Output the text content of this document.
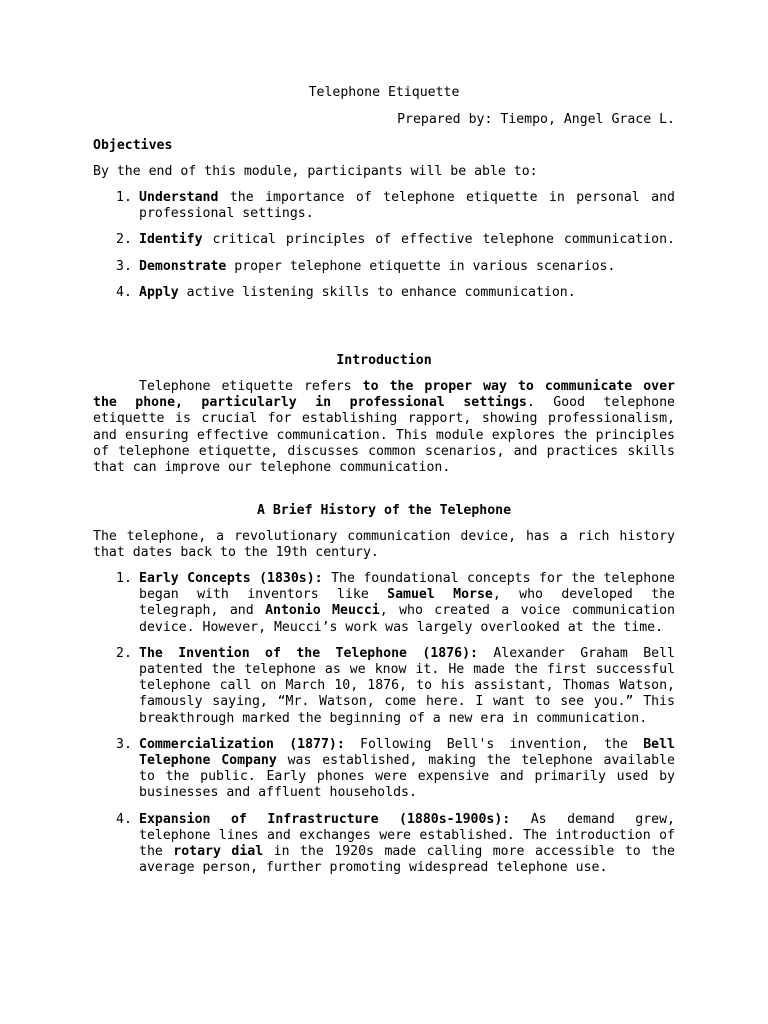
Telephone Etiquette

Prepared by: Tiempo, Angel Grace L.

Objectives

By the end of this module, participants will be able to:

1. Understand the importance of telephone etiquette in personal and professional settings.
2. Identify critical principles of effective telephone communication.
3. Demonstrate proper telephone etiquette in various scenarios.
4. Apply active listening skills to enhance communication.

Introduction

Telephone etiquette refers to the proper way to communicate over the phone, particularly in professional settings. Good telephone etiquette is crucial for establishing rapport, showing professionalism, and ensuring effective communication. This module explores the principles of telephone etiquette, discusses common scenarios, and practices skills that can improve our telephone communication.

A Brief History of the Telephone

The telephone, a revolutionary communication device, has a rich history that dates back to the 19th century.

1. Early Concepts (1830s): The foundational concepts for the telephone began with inventors like Samuel Morse, who developed the telegraph, and Antonio Meucci, who created a voice communication device. However, Meucci’s work was largely overlooked at the time.
2. The Invention of the Telephone (1876): Alexander Graham Bell patented the telephone as we know it. He made the first successful telephone call on March 10, 1876, to his assistant, Thomas Watson, famously saying, “Mr. Watson, come here. I want to see you.” This breakthrough marked the beginning of a new era in communication.
3. Commercialization (1877): Following Bell's invention, the Bell Telephone Company was established, making the telephone available to the public. Early phones were expensive and primarily used by businesses and affluent households.
4. Expansion of Infrastructure (1880s-1900s): As demand grew, telephone lines and exchanges were established. The introduction of the rotary dial in the 1920s made calling more accessible to the average person, further promoting widespread telephone use.
